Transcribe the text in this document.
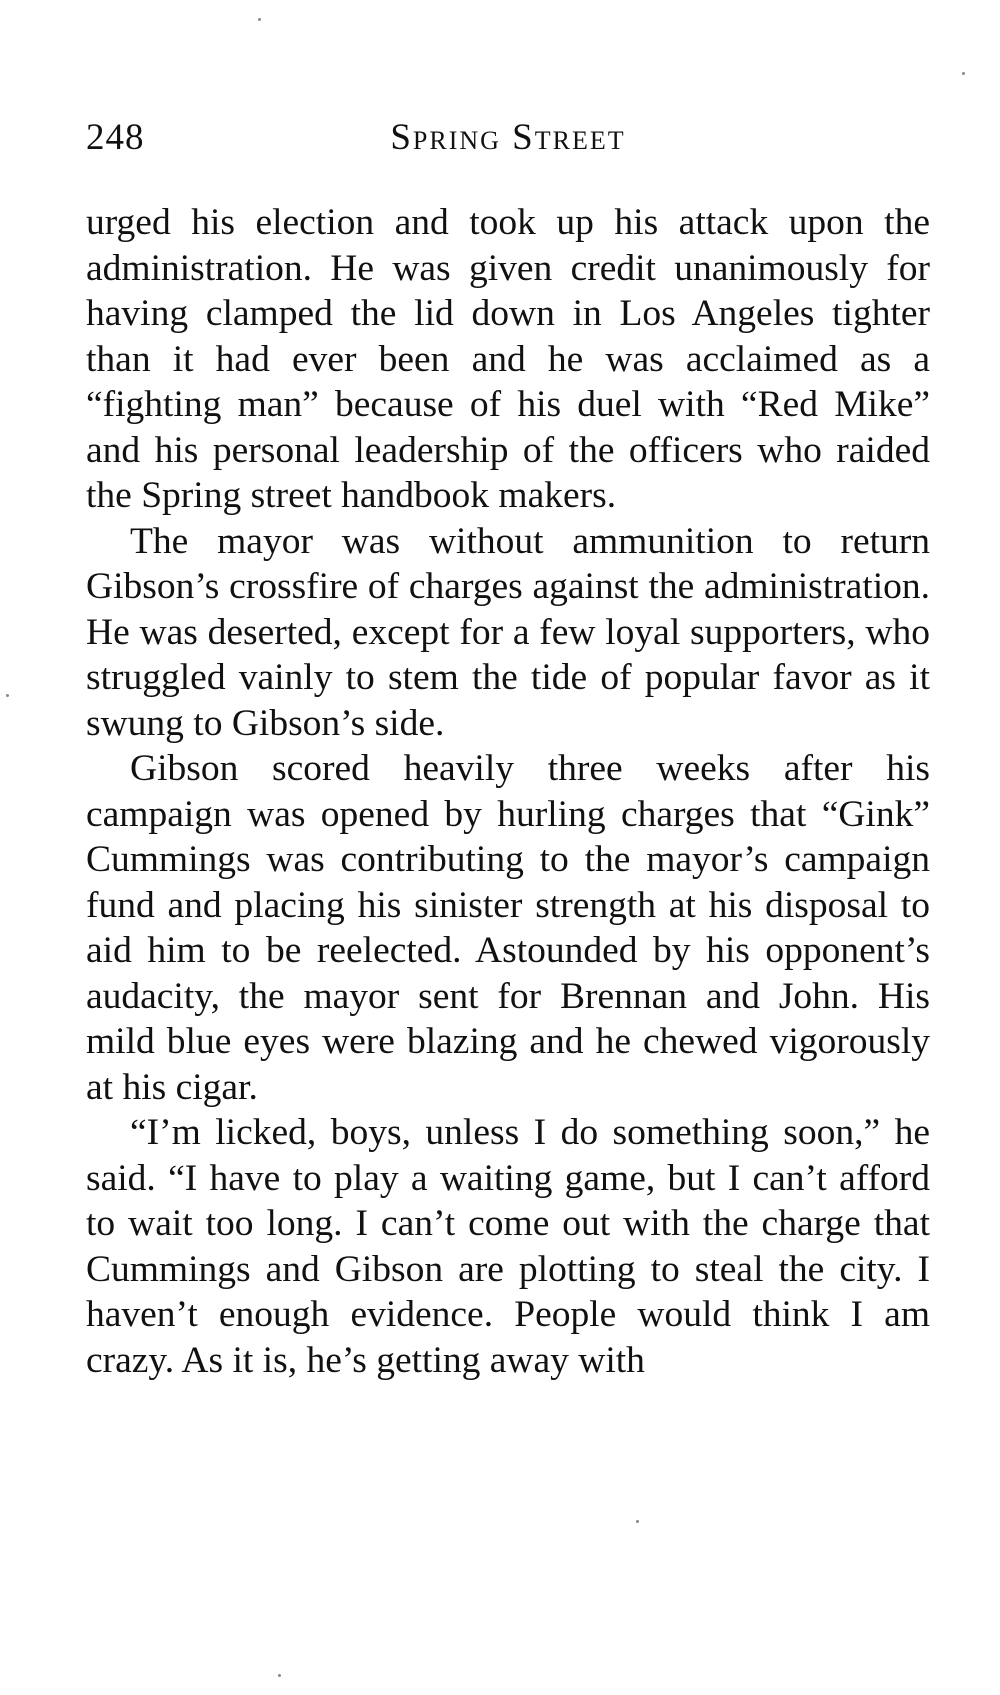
248	Spring Street

urged his election and took up his attack upon the administration. He was given credit unanimously for having clamped the lid down in Los Angeles tighter than it had ever been and he was acclaimed as a “fighting man” because of his duel with “Red Mike” and his personal leadership of the officers who raided the Spring street handbook makers.

The mayor was without ammunition to return Gibson’s crossfire of charges against the administration. He was deserted, except for a few loyal supporters, who struggled vainly to stem the tide of popular favor as it swung to Gibson’s side.

Gibson scored heavily three weeks after his campaign was opened by hurling charges that “Gink” Cummings was contributing to the mayor’s campaign fund and placing his sinister strength at his disposal to aid him to be reelected. Astounded by his opponent’s audacity, the mayor sent for Brennan and John. His mild blue eyes were blazing and he chewed vigorously at his cigar.

“I’m licked, boys, unless I do something soon,” he said. “I have to play a waiting game, but I can’t afford to wait too long. I can’t come out with the charge that Cummings and Gibson are plotting to steal the city. I haven’t enough evidence. People would think I am crazy. As it is, he’s getting away with
